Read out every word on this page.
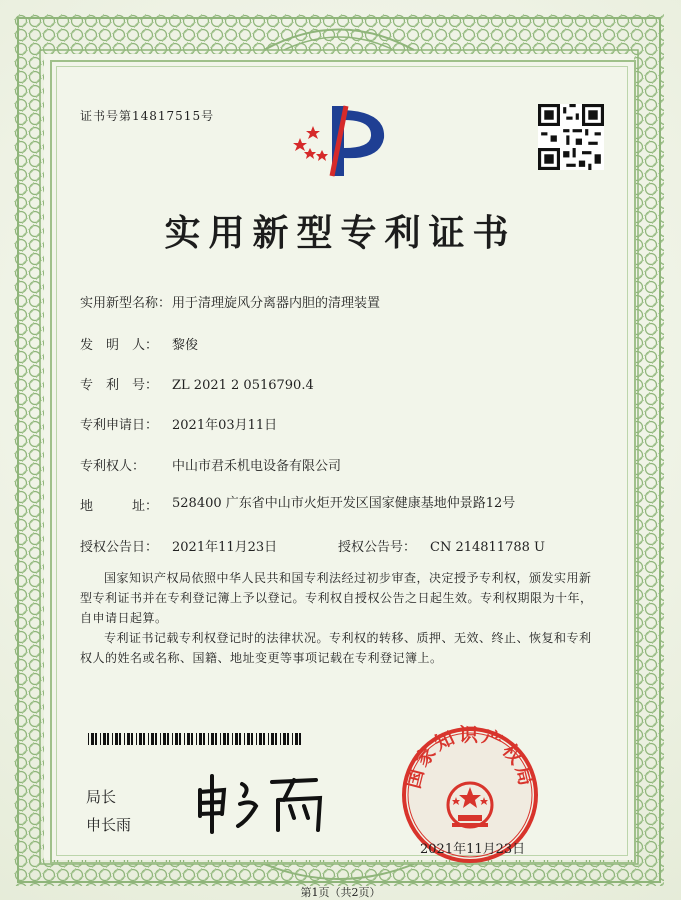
证书号第14817515号
实用新型专利证书
实用新型名称：用于清理旋风分离器内胆的清理装置
发　明　人： 黎俊
专　利　号： ZL 2021 2 0516790.4
专利申请日： 2021年03月11日
专利权人： 中山市君禾机电设备有限公司
地　　　址：	528400 广东省中山市火炬开发区国家健康基地仲景路12号
授权公告日： 2021年11月23日	授权公告号： CN 214811788 U
国家知识产权局依照中华人民共和国专利法经过初步审查，决定授予专利权，颁发实用新型专利证书并在专利登记簿上予以登记。专利权自授权公告之日起生效。专利权期限为十年，自申请日起算。
专利证书记载专利权登记时的法律状况。专利权的转移、质押、无效、终止、恢复和专利权人的姓名或名称、国籍、地址变更等事项记载在专利登记簿上。
局长
申长雨
国家知识产权局
2021年11月23日
第1页（共2页）
